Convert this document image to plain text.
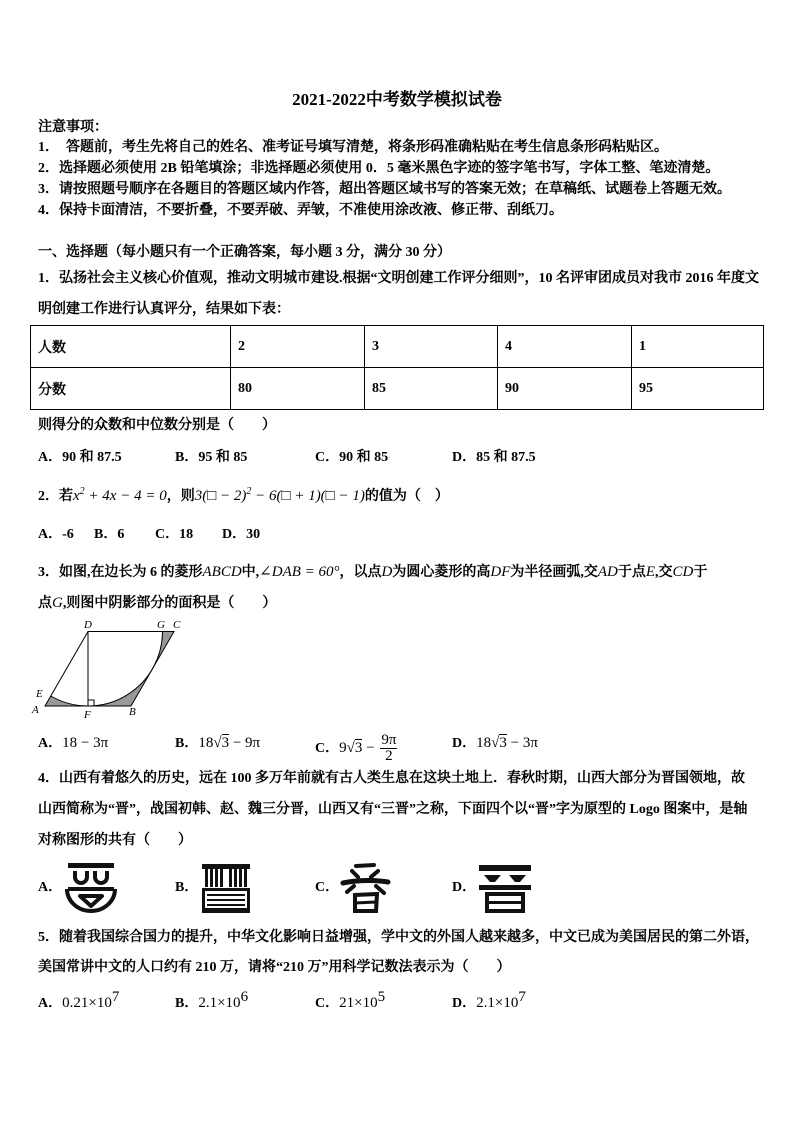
2021-2022中考数学模拟试卷
注意事项：
1．  答题前，考生先将自己的姓名、准考证号填写清楚，将条形码准确粘贴在考生信息条形码粘贴区。
2．选择题必须使用 2B 铅笔填涂；非选择题必须使用 0．5 毫米黑色字迹的签字笔书写，字体工整、笔迹清楚。
3．请按照题号顺序在各题目的答题区域内作答，超出答题区域书写的答案无效；在草稿纸、试题卷上答题无效。
4．保持卡面清洁，不要折叠，不要弄破、弄皱，不准使用涂改液、修正带、刮纸刀。
一、选择题（每小题只有一个正确答案，每小题 3 分，满分 30 分）
1．弘扬社会主义核心价值观，推动文明城市建设.根据“文明创建工作评分细则”，10 名评审团成员对我市 2016 年度文
明创建工作进行认真评分，结果如下表：
人数	2	3	4	1
分数	80	85	90	95
则得分的众数和中位数分别是（　　）
A．90 和 87.5	B．95 和 85	C．90 和 85	D．85 和 87.5
2．若$x^2 + 4x - 4 = 0$，则3(□ − 2)$^2$ − 6(□ + 1)(□ − 1)的值为（　）
A．-6 B．6 C．18 D．30
3．如图,在边长为 6 的菱形ABCD中,∠DAB = 60°，以点D为圆心菱形的高DF为半径画弧,交AD于点E,交CD于
点G,则图中阴影部分的面积是（　　）
D	G C
E
A	F	B
A．18 − 3π	B．18√3 − 9π	C．$9√3 - \frac{9\pi}{2}$	D．18√3 − 3π
4．山西有着悠久的历史，远在 100 多万年前就有古人类生息在这块土地上．春秋时期，山西大部分为晋国领地，故
山西简称为“晋”，战国初韩、赵、魏三分晋，山西又有“三晋”之称，下面四个以“晋”字为原型的 Logo 图案中，是轴
对称图形的共有（　　）
A．	B．	C．	D．
5．随着我国综合国力的提升，中华文化影响日益增强，学中文的外国人越来越多，中文已成为美国居民的第二外语，
美国常讲中文的人口约有 210 万，请将“210 万”用科学记数法表示为（　　）
A．$0.21\times 10^7$	B．$2.1\times 10^6$	C．$21\times 10^5$	D．$2.1\times 10^7$
